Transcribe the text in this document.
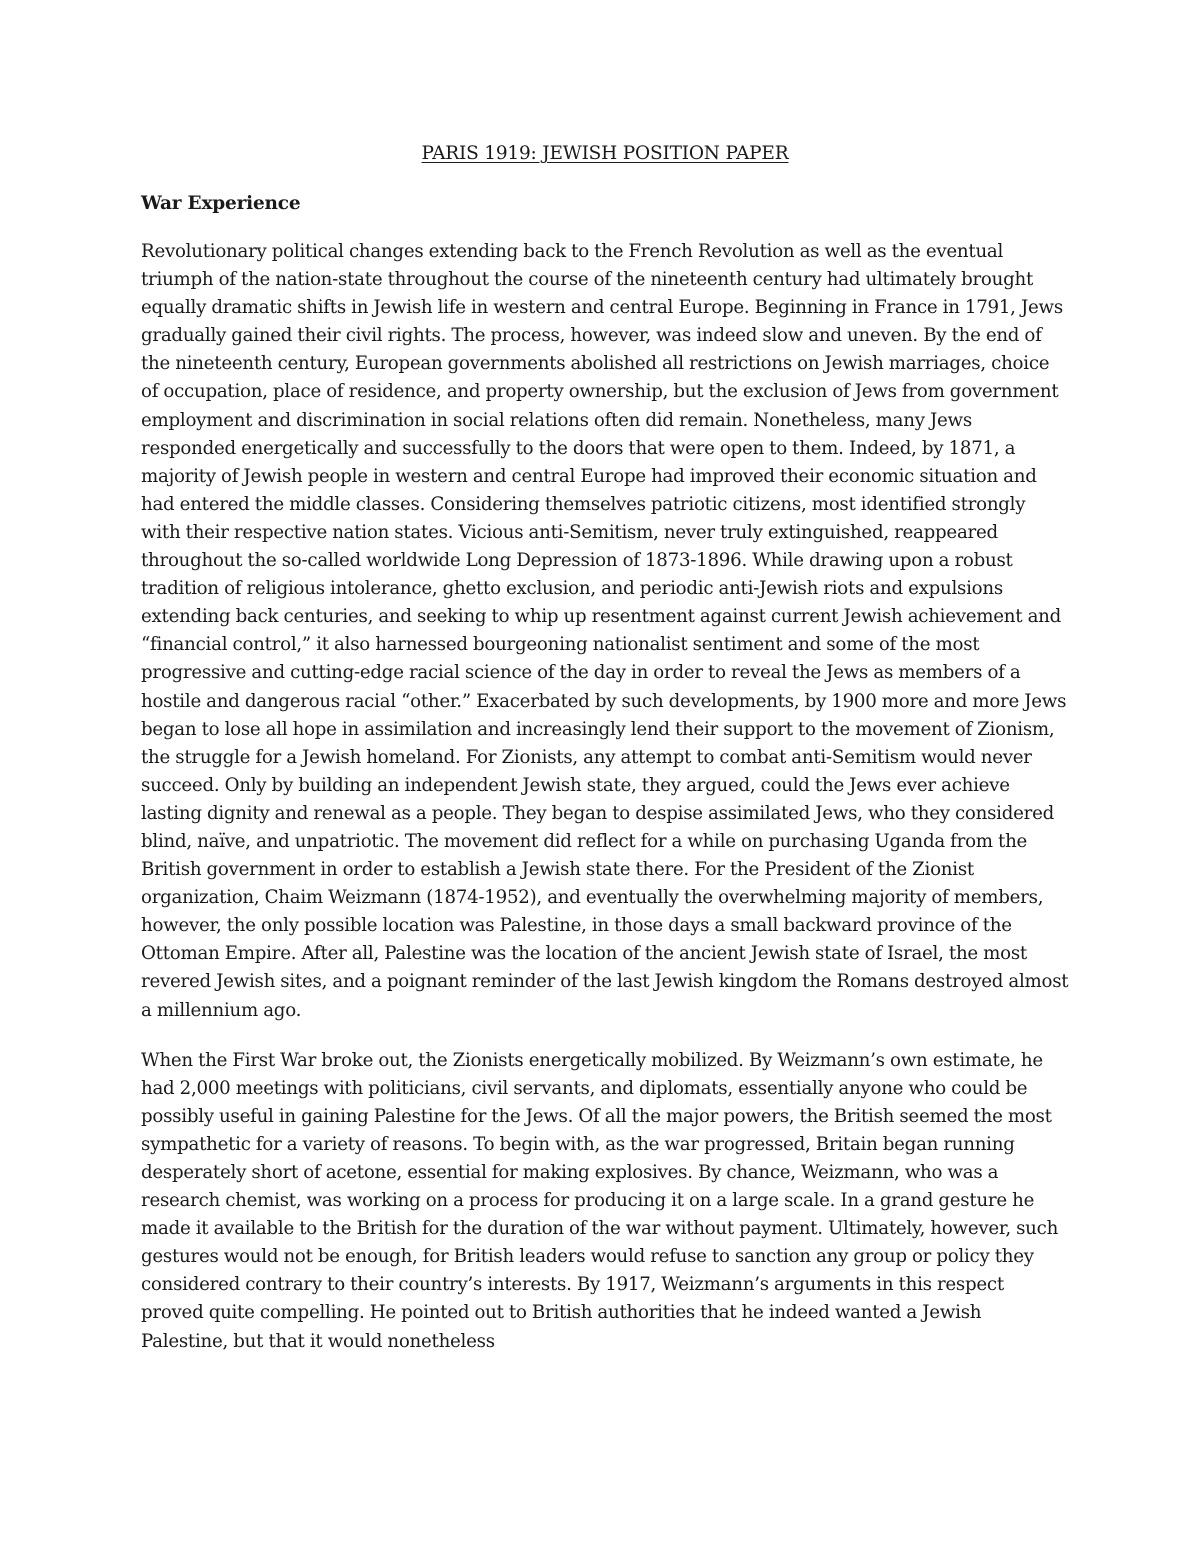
PARIS 1919: JEWISH POSITION PAPER
War Experience

Revolutionary political changes extending back to the French Revolution as well as the eventual triumph of the nation-state throughout the course of the nineteenth century had ultimately brought equally dramatic shifts in Jewish life in western and central Europe. Beginning in France in 1791, Jews gradually gained their civil rights. The process, however, was indeed slow and uneven. By the end of the nineteenth century, European governments abolished all restrictions on Jewish marriages, choice of occupation, place of residence, and property ownership, but the exclusion of Jews from government employment and discrimination in social relations often did remain. Nonetheless, many Jews responded energetically and successfully to the doors that were open to them. Indeed, by 1871, a majority of Jewish people in western and central Europe had improved their economic situation and had entered the middle classes. Considering themselves patriotic citizens, most identified strongly with their respective nation states. Vicious anti-Semitism, never truly extinguished, reappeared throughout the so-called worldwide Long Depression of 1873-1896. While drawing upon a robust tradition of religious intolerance, ghetto exclusion, and periodic anti-Jewish riots and expulsions extending back centuries, and seeking to whip up resentment against current Jewish achievement and “financial control,” it also harnessed bourgeoning nationalist sentiment and some of the most progressive and cutting-edge racial science of the day in order to reveal the Jews as members of a hostile and dangerous racial “other.” Exacerbated by such developments, by 1900 more and more Jews began to lose all hope in assimilation and increasingly lend their support to the movement of Zionism, the struggle for a Jewish homeland. For Zionists, any attempt to combat anti-Semitism would never succeed. Only by building an independent Jewish state, they argued, could the Jews ever achieve lasting dignity and renewal as a people. They began to despise assimilated Jews, who they considered blind, naïve, and unpatriotic. The movement did reflect for a while on purchasing Uganda from the British government in order to establish a Jewish state there. For the President of the Zionist organization, Chaim Weizmann (1874-1952), and eventually the overwhelming majority of members, however, the only possible location was Palestine, in those days a small backward province of the Ottoman Empire. After all, Palestine was the location of the ancient Jewish state of Israel, the most revered Jewish sites, and a poignant reminder of the last Jewish kingdom the Romans destroyed almost a millennium ago.

When the First War broke out, the Zionists energetically mobilized. By Weizmann’s own estimate, he had 2,000 meetings with politicians, civil servants, and diplomats, essentially anyone who could be possibly useful in gaining Palestine for the Jews. Of all the major powers, the British seemed the most sympathetic for a variety of reasons. To begin with, as the war progressed, Britain began running desperately short of acetone, essential for making explosives. By chance, Weizmann, who was a research chemist, was working on a process for producing it on a large scale. In a grand gesture he made it available to the British for the duration of the war without payment. Ultimately, however, such gestures would not be enough, for British leaders would refuse to sanction any group or policy they considered contrary to their country’s interests. By 1917, Weizmann’s arguments in this respect proved quite compelling. He pointed out to British authorities that he indeed wanted a Jewish Palestine, but that it would nonetheless
